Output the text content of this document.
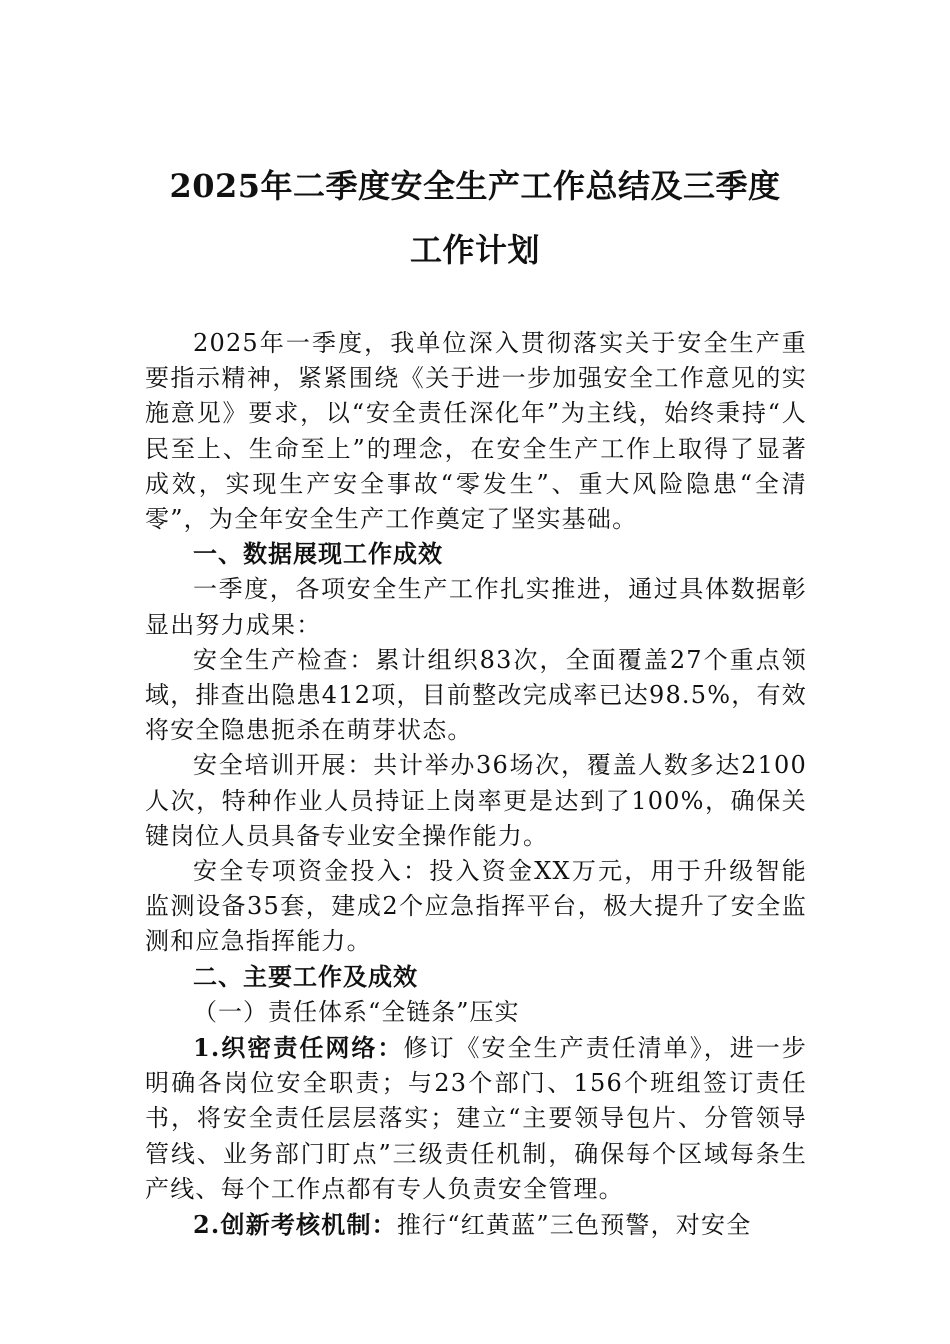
2025年二季度安全生产工作总结及三季度
工作计划

2025年一季度，我单位深入贯彻落实关于安全生产重要指示精神，紧紧围绕《关于进一步加强安全工作意见的实施意见》要求，以“安全责任深化年”为主线，始终秉持“人民至上、生命至上”的理念，在安全生产工作上取得了显著成效，实现生产安全事故“零发生”、重大风险隐患“全清零”，为全年安全生产工作奠定了坚实基础。

一、数据展现工作成效

一季度，各项安全生产工作扎实推进，通过具体数据彰显出努力成果：

安全生产检查：累计组织83次，全面覆盖27个重点领域，排查出隐患412项，目前整改完成率已达98.5%，有效将安全隐患扼杀在萌芽状态。

安全培训开展：共计举办36场次，覆盖人数多达2100人次，特种作业人员持证上岗率更是达到了100%，确保关键岗位人员具备专业安全操作能力。

安全专项资金投入：投入资金XX万元，用于升级智能监测设备35套，建成2个应急指挥平台，极大提升了安全监测和应急指挥能力。

二、主要工作及成效

（一）责任体系“全链条”压实

1.织密责任网络：修订《安全生产责任清单》，进一步明确各岗位安全职责；与23个部门、156个班组签订责任书，将安全责任层层落实；建立“主要领导包片、分管领导管线、业务部门盯点”三级责任机制，确保每个区域每条生产线、每个工作点都有专人负责安全管理。

2.创新考核机制：推行“红黄蓝”三色预警，对安全
